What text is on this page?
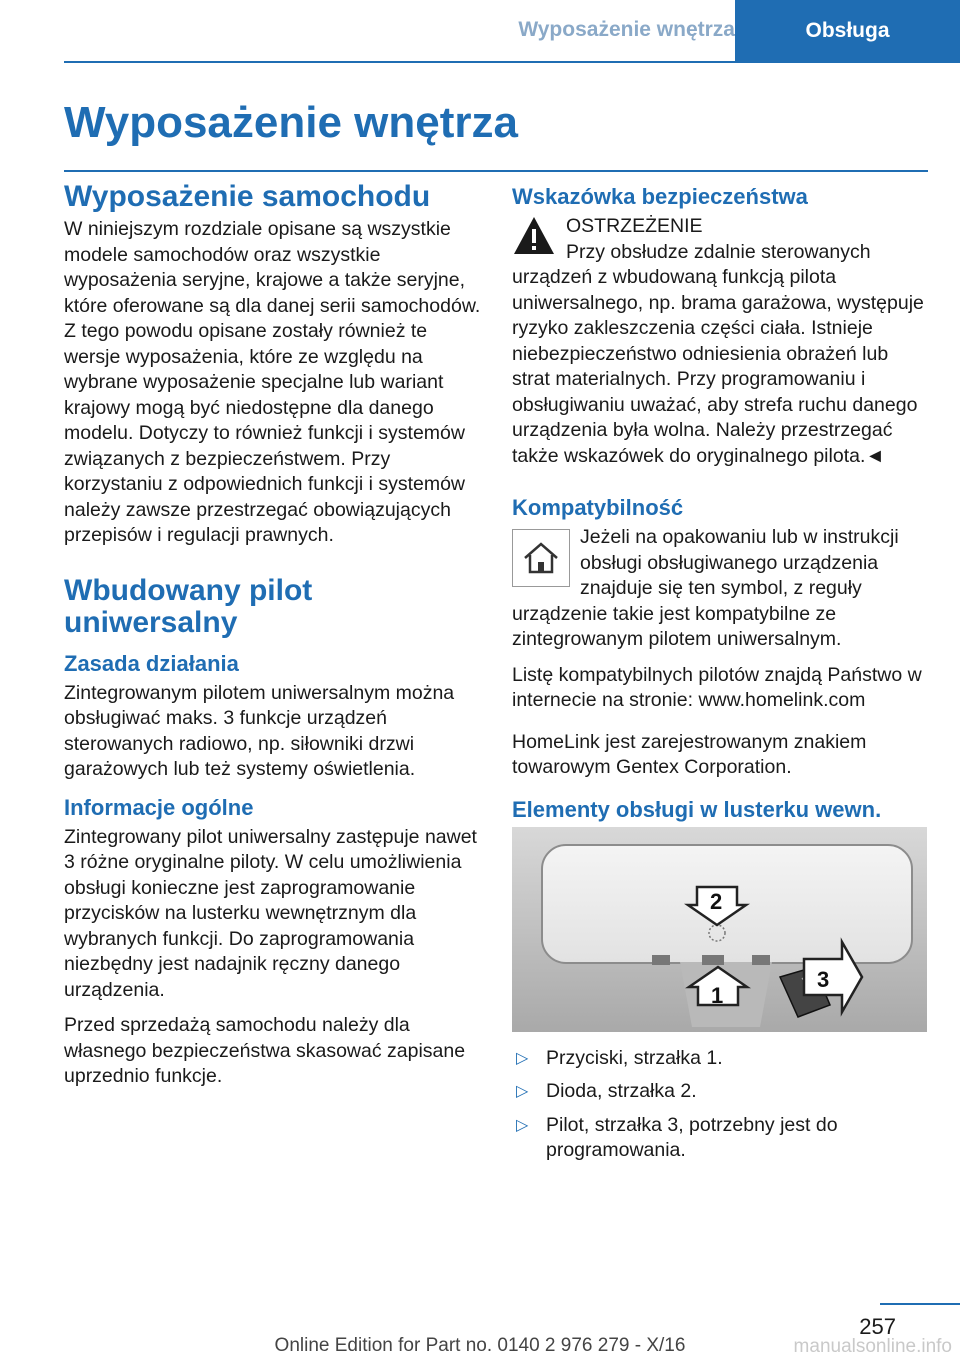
Wyposażenie wnętrza	Obsługa
Wyposażenie wnętrza
Wyposażenie samochodu

W niniejszym rozdziale opisane są wszystkie modele samochodów oraz wszystkie wyposażenia seryjne, krajowe a także seryjne, które oferowane są dla danej serii samochodów. Z tego powodu opisane zostały również te wersje wyposażenia, które ze względu na wybrane wyposażenie specjalne lub wariant krajowy mogą być niedostępne dla danego modelu. Dotyczy to również funkcji i systemów związanych z bezpieczeństwem. Przy korzystaniu z odpowiednich funkcji i systemów należy zawsze przestrzegać obowiązujących przepisów i regulacji prawnych.

Wbudowany pilot uniwersalny
Zasada działania

Zintegrowanym pilotem uniwersalnym można obsługiwać maks. 3 funkcje urządzeń sterowanych radiowo, np. siłowniki drzwi garażowych lub też systemy oświetlenia.

Informacje ogólne

Zintegrowany pilot uniwersalny zastępuje nawet 3 różne oryginalne piloty. W celu umożliwienia obsługi konieczne jest zaprogramowanie przycisków na lusterku wewnętrznym dla wybranych funkcji. Do zaprogramowania niezbędny jest nadajnik ręczny danego urządzenia.

Przed sprzedażą samochodu należy dla własnego bezpieczeństwa skasować zapisane uprzednio funkcje.

Wskazówka bezpieczeństwa

OSTRZEŻENIE

Przy obsłudze zdalnie sterowanych urządzeń z wbudowaną funkcją pilota uniwersalnego, np. brama garażowa, występuje ryzyko zakleszczenia części ciała. Istnieje niebezpieczeństwo odniesienia obrażeń lub strat materialnych. Przy programowaniu i obsługiwaniu uważać, aby strefa ruchu danego urządzenia była wolna. Należy przestrzegać także wskazówek do oryginalnego pilota.◄

Kompatybilność

Jeżeli na opakowaniu lub w instrukcji obsługi obsługiwanego urządzenia znajduje się ten symbol, z reguły urządzenie takie jest kompatybilne ze zintegrowanym pilotem uniwersalnym.

Listę kompatybilnych pilotów znajdą Państwo w internecie na stronie: www.homelink.com

HomeLink jest zarejestrowanym znakiem towarowym Gentex Corporation.

Elementy obsługi w lusterku wewn.
2
1
3
▷ Przyciski, strzałka 1.
▷ Dioda, strzałka 2.
▷ Pilot, strzałka 3, potrzebny jest do programowania.
257
Online Edition for Part no. 0140 2 976 279 - X/16	manualsonline.info
